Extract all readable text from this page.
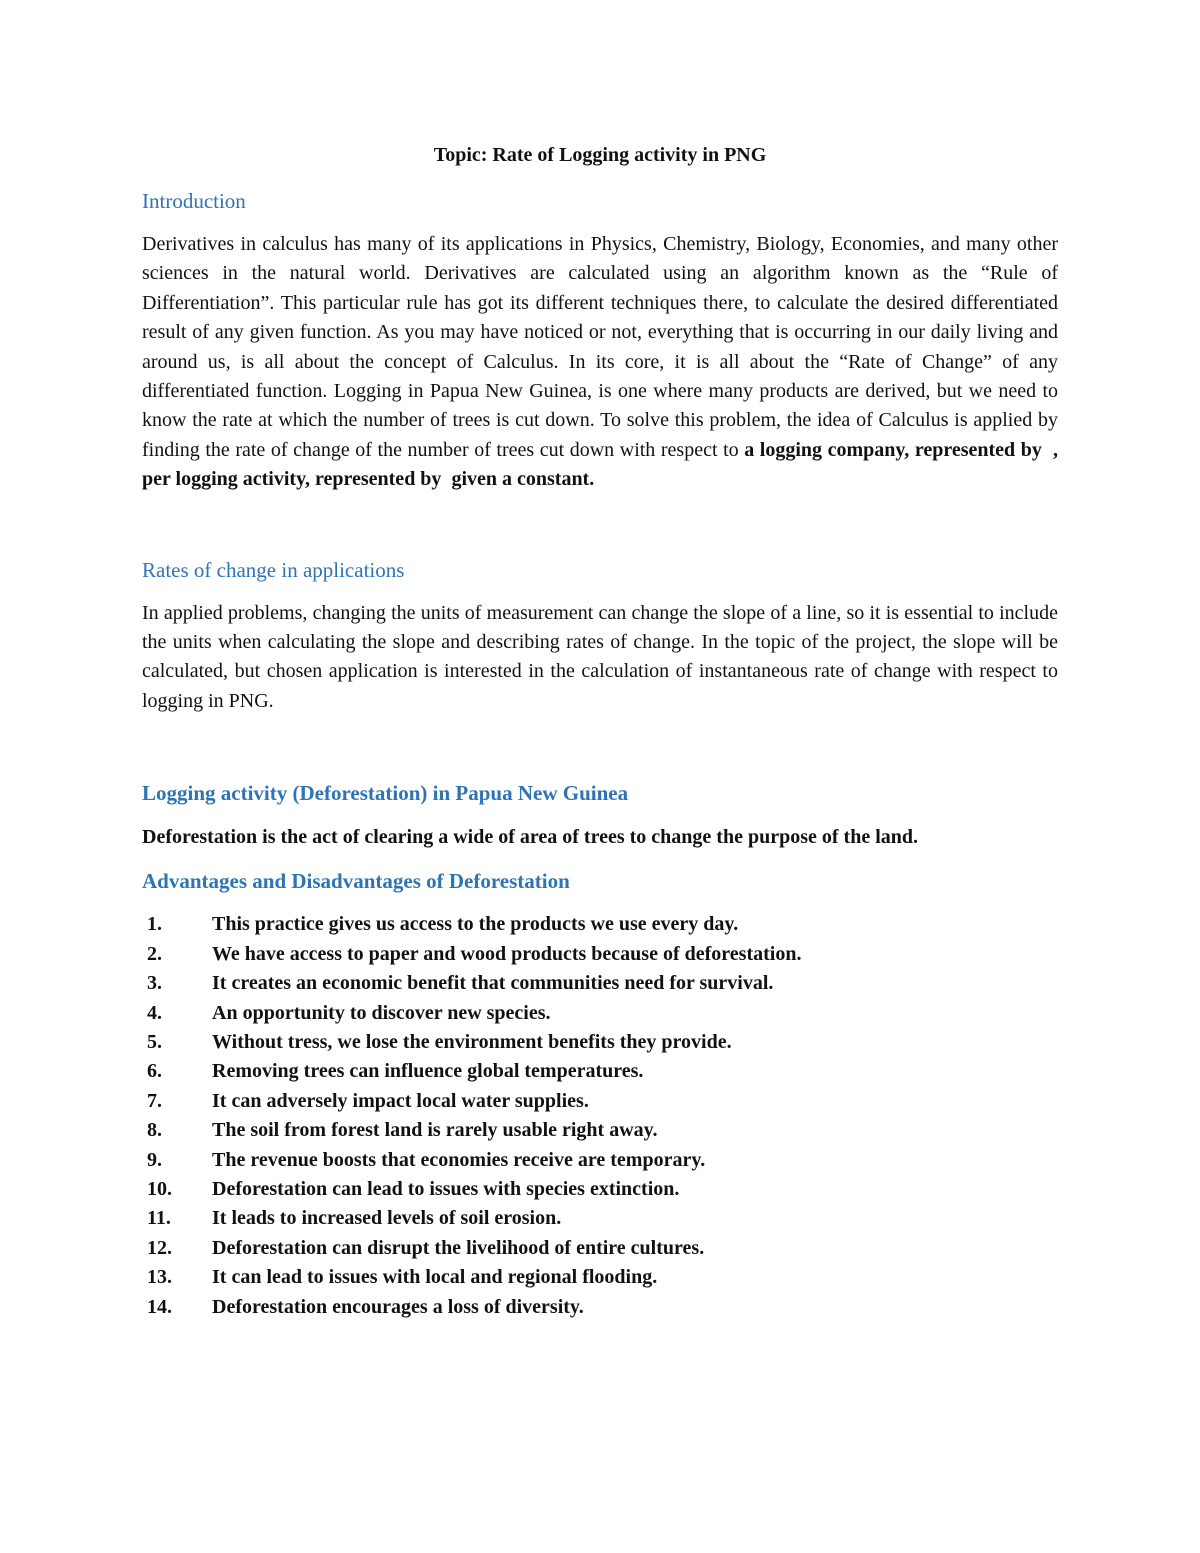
Topic: Rate of Logging activity in PNG
Introduction

Derivatives in calculus has many of its applications in Physics, Chemistry, Biology, Economies, and many other sciences in the natural world. Derivatives are calculated using an algorithm known as the “Rule of Differentiation”. This particular rule has got its different techniques there, to calculate the desired differentiated result of any given function. As you may have noticed or not, everything that is occurring in our daily living and around us, is all about the concept of Calculus. In its core, it is all about the “Rate of Change” of any differentiated function. Logging in Papua New Guinea, is one where many products are derived, but we need to know the rate at which the number of trees is cut down. To solve this problem, the idea of Calculus is applied by finding the rate of change of the number of trees cut down with respect to a logging company, represented by , per logging activity, represented by given a constant.

Rates of change in applications

In applied problems, changing the units of measurement can change the slope of a line, so it is essential to include the units when calculating the slope and describing rates of change. In the topic of the project, the slope will be calculated, but chosen application is interested in the calculation of instantaneous rate of change with respect to logging in PNG.

Logging activity (Deforestation) in Papua New Guinea
Deforestation is the act of clearing a wide of area of trees to change the purpose of the land.
Advantages and Disadvantages of Deforestation
1.	This practice gives us access to the products we use every day.
2.	We have access to paper and wood products because of deforestation.
3.	It creates an economic benefit that communities need for survival.
4.	An opportunity to discover new species.
5.	Without tress, we lose the environment benefits they provide.
6.	Removing trees can influence global temperatures.
7.	It can adversely impact local water supplies.
8.	The soil from forest land is rarely usable right away.
9.	The revenue boosts that economies receive are temporary.
10.	Deforestation can lead to issues with species extinction.
11.	It leads to increased levels of soil erosion.
12.	Deforestation can disrupt the livelihood of entire cultures.
13.	It can lead to issues with local and regional flooding.
14.	Deforestation encourages a loss of diversity.
